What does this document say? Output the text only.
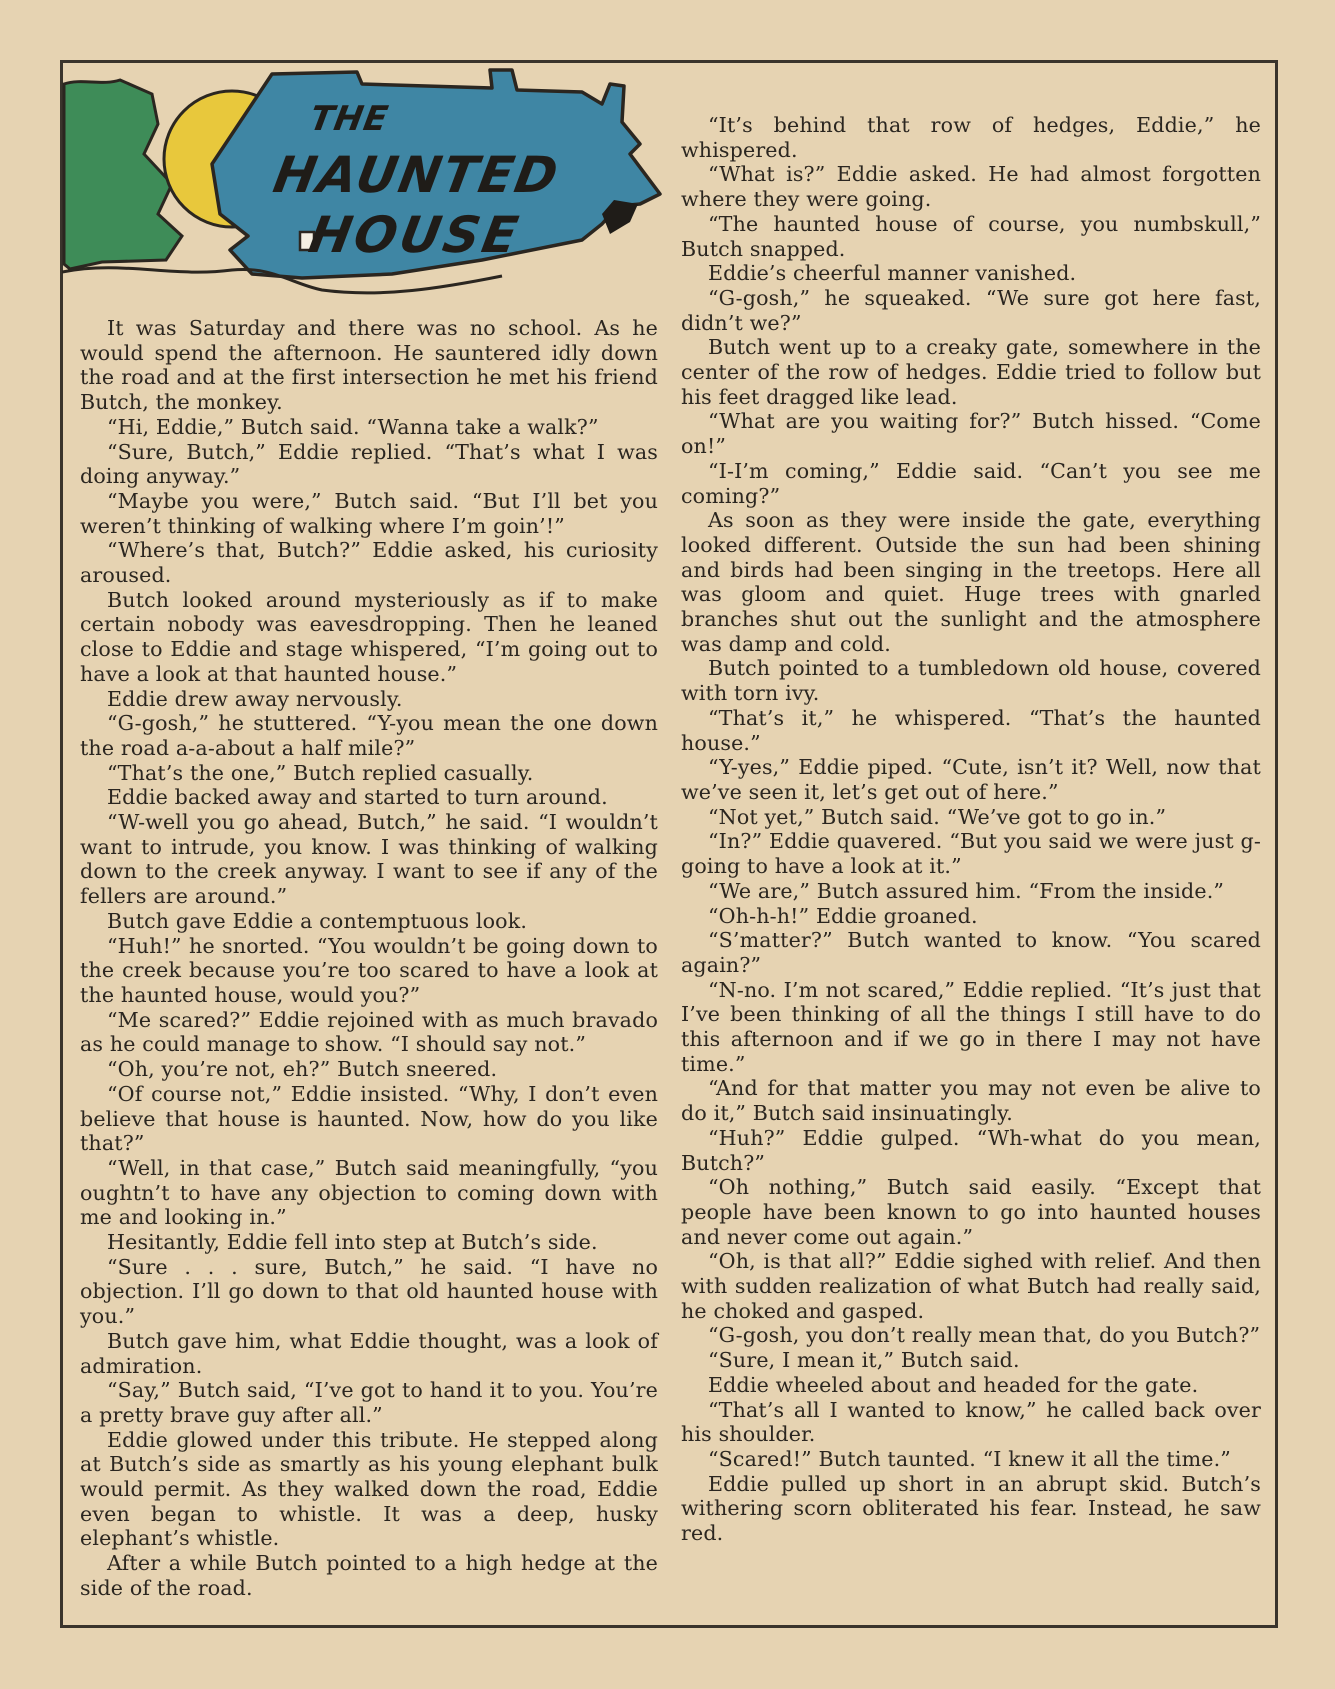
THE
HAUNTED
HOUSE

It was Saturday and there was no school. As he would spend the afternoon. He sauntered idly down the road and at the first intersection he met his friend Butch, the monkey.

“Hi, Eddie,” Butch said. “Wanna take a walk?”

“Sure, Butch,” Eddie replied. “That’s what I was doing anyway.”

“Maybe you were,” Butch said. “But I’ll bet you weren’t thinking of walking where I’m goin’!”

“Where’s that, Butch?” Eddie asked, his curiosity aroused.

Butch looked around mysteriously as if to make certain nobody was eavesdropping. Then he leaned close to Eddie and stage whispered, “I’m going out to have a look at that haunted house.”

Eddie drew away nervously.

“G-gosh,” he stuttered. “Y-you mean the one down the road a-a-about a half mile?”

“That’s the one,” Butch replied casually.

Eddie backed away and started to turn around.

“W-well you go ahead, Butch,” he said. “I wouldn’t want to intrude, you know. I was thinking of walking down to the creek anyway. I want to see if any of the fellers are around.”

Butch gave Eddie a contemptuous look.

“Huh!” he snorted. “You wouldn’t be going down to the creek because you’re too scared to have a look at the haunted house, would you?”

“Me scared?” Eddie rejoined with as much bravado as he could manage to show. “I should say not.”

“Oh, you’re not, eh?” Butch sneered.

“Of course not,” Eddie insisted. “Why, I don’t even believe that house is haunted. Now, how do you like that?”

“Well, in that case,” Butch said meaningfully, “you oughtn’t to have any objection to coming down with me and looking in.”

Hesitantly, Eddie fell into step at Butch’s side.

“Sure . . . sure, Butch,” he said. “I have no objection. I’ll go down to that old haunted house with you.”

Butch gave him, what Eddie thought, was a look of admiration.

“Say,” Butch said, “I’ve got to hand it to you. You’re a pretty brave guy after all.”

Eddie glowed under this tribute. He stepped along at Butch’s side as smartly as his young elephant bulk would permit. As they walked down the road, Eddie even began to whistle. It was a deep, husky elephant’s whistle.

After a while Butch pointed to a high hedge at the side of the road.

“It’s behind that row of hedges, Eddie,” he whispered.

“What is?” Eddie asked. He had almost forgotten where they were going.

“The haunted house of course, you numbskull,” Butch snapped.

Eddie’s cheerful manner vanished.

“G-gosh,” he squeaked. “We sure got here fast, didn’t we?”

Butch went up to a creaky gate, somewhere in the center of the row of hedges. Eddie tried to follow but his feet dragged like lead.

“What are you waiting for?” Butch hissed. “Come on!”

“I-I’m coming,” Eddie said. “Can’t you see me coming?”

As soon as they were inside the gate, everything looked different. Outside the sun had been shining and birds had been singing in the treetops. Here all was gloom and quiet. Huge trees with gnarled branches shut out the sunlight and the atmosphere was damp and cold.

Butch pointed to a tumbledown old house, covered with torn ivy.

“That’s it,” he whispered. “That’s the haunted house.”

“Y-yes,” Eddie piped. “Cute, isn’t it? Well, now that we’ve seen it, let’s get out of here.”

“Not yet,” Butch said. “We’ve got to go in.”

“In?” Eddie quavered. “But you said we were just g-going to have a look at it.”

“We are,” Butch assured him. “From the inside.”

“Oh-h-h!” Eddie groaned.

“S’matter?” Butch wanted to know. “You scared again?”

“N-no. I’m not scared,” Eddie replied. “It’s just that I’ve been thinking of all the things I still have to do this afternoon and if we go in there I may not have time.”

“And for that matter you may not even be alive to do it,” Butch said insinuatingly.

“Huh?” Eddie gulped. “Wh-what do you mean, Butch?”

“Oh nothing,” Butch said easily. “Except that people have been known to go into haunted houses and never come out again.”

“Oh, is that all?” Eddie sighed with relief. And then with sudden realization of what Butch had really said, he choked and gasped.

“G-gosh, you don’t really mean that, do you Butch?”

“Sure, I mean it,” Butch said.

Eddie wheeled about and headed for the gate.

“That’s all I wanted to know,” he called back over his shoulder.

“Scared!” Butch taunted. “I knew it all the time.”

Eddie pulled up short in an abrupt skid. Butch’s withering scorn obliterated his fear. Instead, he saw red.
